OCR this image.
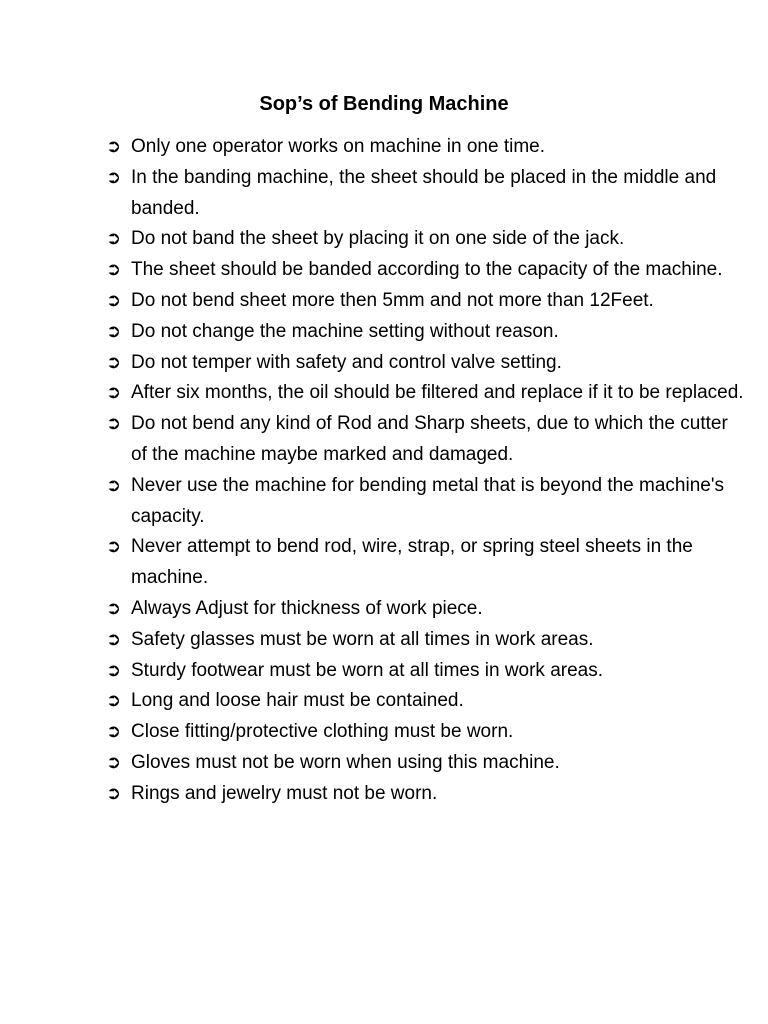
Sop’s of Bending Machine
➲ Only one operator works on machine in one time.
➲ In the banding machine, the sheet should be placed in the middle and banded.
➲ Do not band the sheet by placing it on one side of the jack.
➲ The sheet should be banded according to the capacity of the machine.
➲ Do not bend sheet more then 5mm and not more than 12Feet.
➲ Do not change the machine setting without reason.
➲ Do not temper with safety and control valve setting.
➲ After six months, the oil should be filtered and replace if it to be replaced.
➲ Do not bend any kind of Rod and Sharp sheets, due to which the cutter of the machine maybe marked and damaged.
➲ Never use the machine for bending metal that is beyond the machine's capacity.
➲ Never attempt to bend rod, wire, strap, or spring steel sheets in the machine.
➲ Always Adjust for thickness of work piece.
➲ Safety glasses must be worn at all times in work areas.
➲ Sturdy footwear must be worn at all times in work areas.
➲ Long and loose hair must be contained.
➲ Close fitting/protective clothing must be worn.
➲ Gloves must not be worn when using this machine.
➲ Rings and jewelry must not be worn.
